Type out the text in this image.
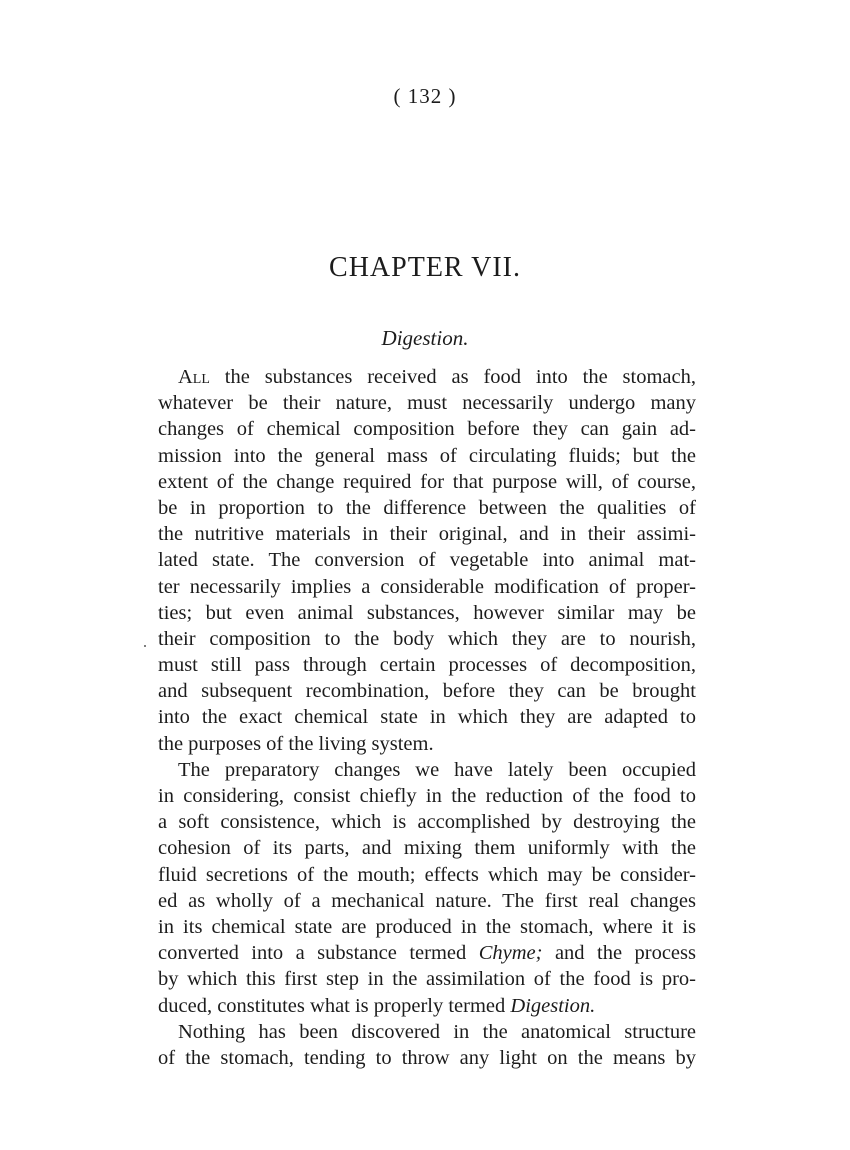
( 132 )
CHAPTER VII.
Digestion.
All the substances received as food into the stomach,
whatever be their nature, must necessarily undergo many
changes of chemical composition before they can gain ad-
mission into the general mass of circulating fluids; but the
extent of the change required for that purpose will, of course,
be in proportion to the difference between the qualities of
the nutritive materials in their original, and in their assimi-
lated state. The conversion of vegetable into animal mat-
ter necessarily implies a considerable modification of proper-
ties; but even animal substances, however similar may be
their composition to the body which they are to nourish,
must still pass through certain processes of decomposition,
and subsequent recombination, before they can be brought
into the exact chemical state in which they are adapted to
the purposes of the living system.
The preparatory changes we have lately been occupied
in considering, consist chiefly in the reduction of the food to
a soft consistence, which is accomplished by destroying the
cohesion of its parts, and mixing them uniformly with the
fluid secretions of the mouth; effects which may be consider-
ed as wholly of a mechanical nature. The first real changes
in its chemical state are produced in the stomach, where it is
converted into a substance termed Chyme; and the process
by which this first step in the assimilation of the food is pro-
duced, constitutes what is properly termed Digestion.
Nothing has been discovered in the anatomical structure
of the stomach, tending to throw any light on the means by
